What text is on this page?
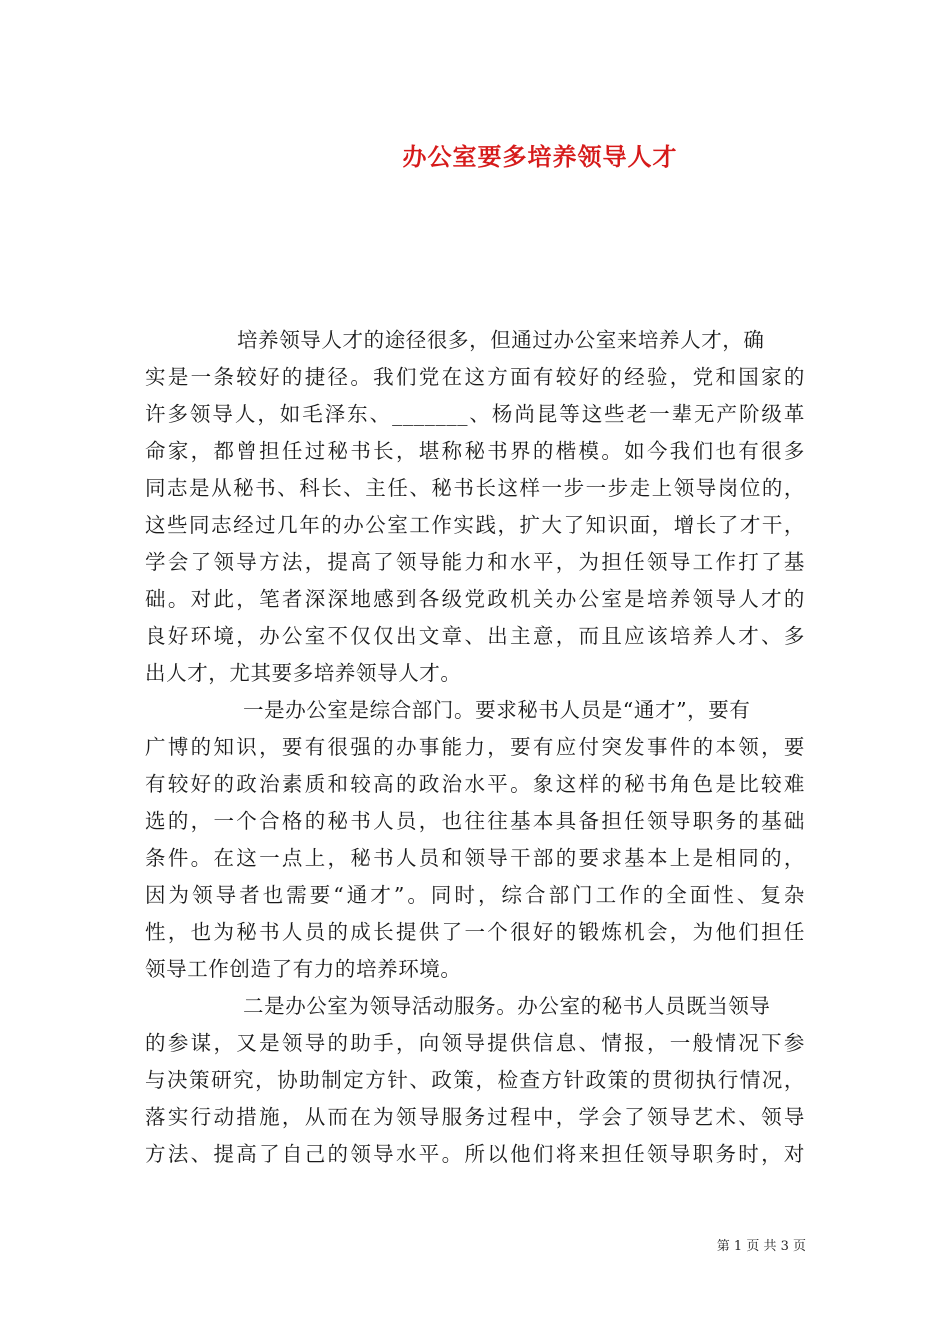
办公室要多培养领导人才
培养领导人才的途径很多，但通过办公室来培养人才，确
实是一条较好的捷径。我们党在这方面有较好的经验，党和国家的
许多领导人，如毛泽东、_______、杨尚昆等这些老一辈无产阶级革
命家，都曾担任过秘书长，堪称秘书界的楷模。如今我们也有很多
同志是从秘书、科长、主任、秘书长这样一步一步走上领导岗位的，
这些同志经过几年的办公室工作实践，扩大了知识面，增长了才干，
学会了领导方法，提高了领导能力和水平，为担任领导工作打了基
础。对此，笔者深深地感到各级党政机关办公室是培养领导人才的
良好环境，办公室不仅仅出文章、出主意，而且应该培养人才、多
出人才，尤其要多培养领导人才。
一是办公室是综合部门。要求秘书人员是“通才”，要有
广博的知识，要有很强的办事能力，要有应付突发事件的本领，要
有较好的政治素质和较高的政治水平。象这样的秘书角色是比较难
选的，一个合格的秘书人员，也往往基本具备担任领导职务的基础
条件。在这一点上，秘书人员和领导干部的要求基本上是相同的，
因为领导者也需要“通才”。同时，综合部门工作的全面性、复杂
性，也为秘书人员的成长提供了一个很好的锻炼机会，为他们担任
领导工作创造了有力的培养环境。
二是办公室为领导活动服务。办公室的秘书人员既当领导
的参谋，又是领导的助手，向领导提供信息、情报，一般情况下参
与决策研究，协助制定方针、政策，检查方针政策的贯彻执行情况，
落实行动措施，从而在为领导服务过程中，学会了领导艺术、领导
方法、提高了自己的领导水平。所以他们将来担任领导职务时，对
第 1 页 共 3 页
